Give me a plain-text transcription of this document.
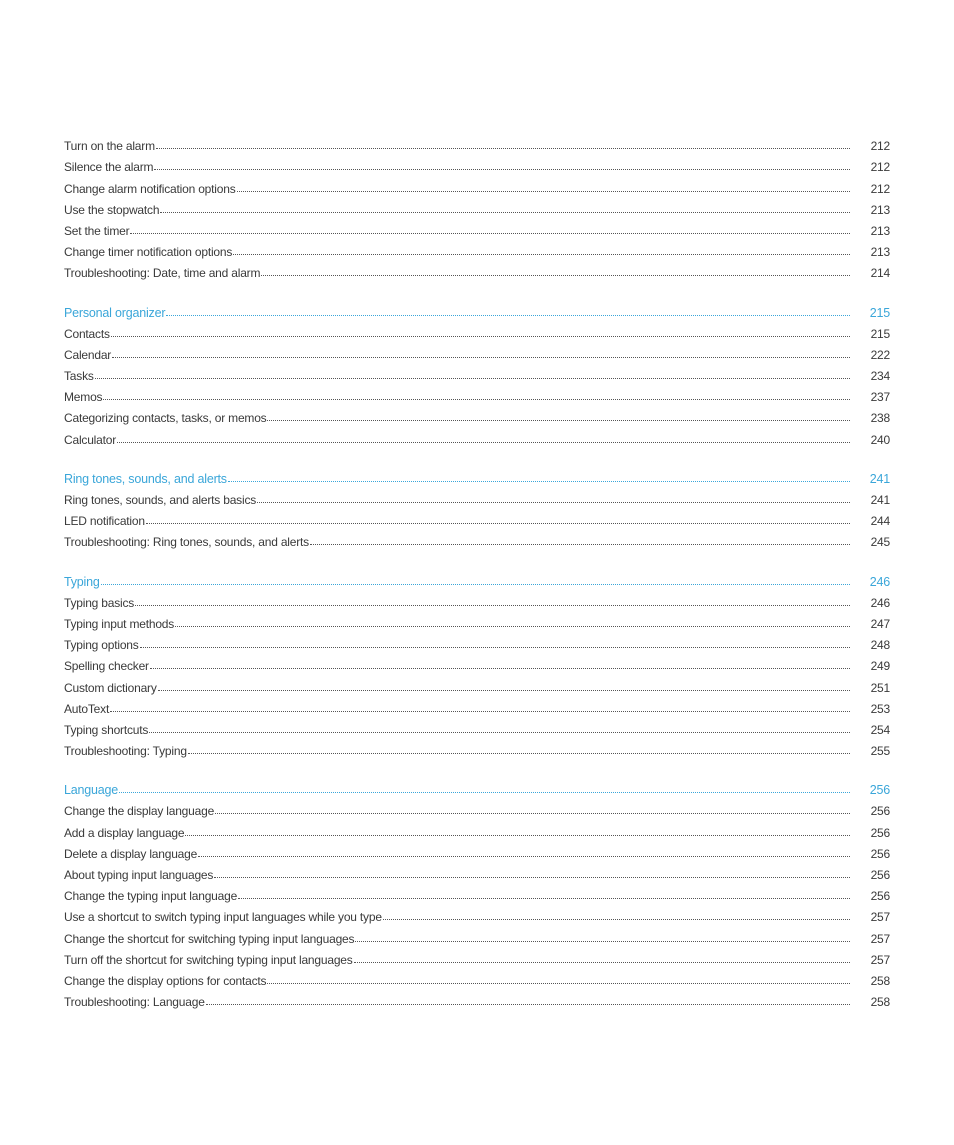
Turn on the alarm	212
Silence the alarm	212
Change alarm notification options	212
Use the stopwatch	213
Set the timer	213
Change timer notification options	213
Troubleshooting: Date, time and alarm	214
Personal organizer	215
Contacts	215
Calendar	222
Tasks	234
Memos	237
Categorizing contacts, tasks, or memos	238
Calculator	240
Ring tones, sounds, and alerts	241
Ring tones, sounds, and alerts basics	241
LED notification	244
Troubleshooting: Ring tones, sounds, and alerts	245
Typing	246
Typing basics	246
Typing input methods	247
Typing options	248
Spelling checker	249
Custom dictionary	251
AutoText	253
Typing shortcuts	254
Troubleshooting: Typing	255
Language	256
Change the display language	256
Add a display language	256
Delete a display language	256
About typing input languages	256
Change the typing input language	256
Use a shortcut to switch typing input languages while you type	257
Change the shortcut for switching typing input languages	257
Turn off the shortcut for switching typing input languages	257
Change the display options for contacts	258
Troubleshooting: Language	258
